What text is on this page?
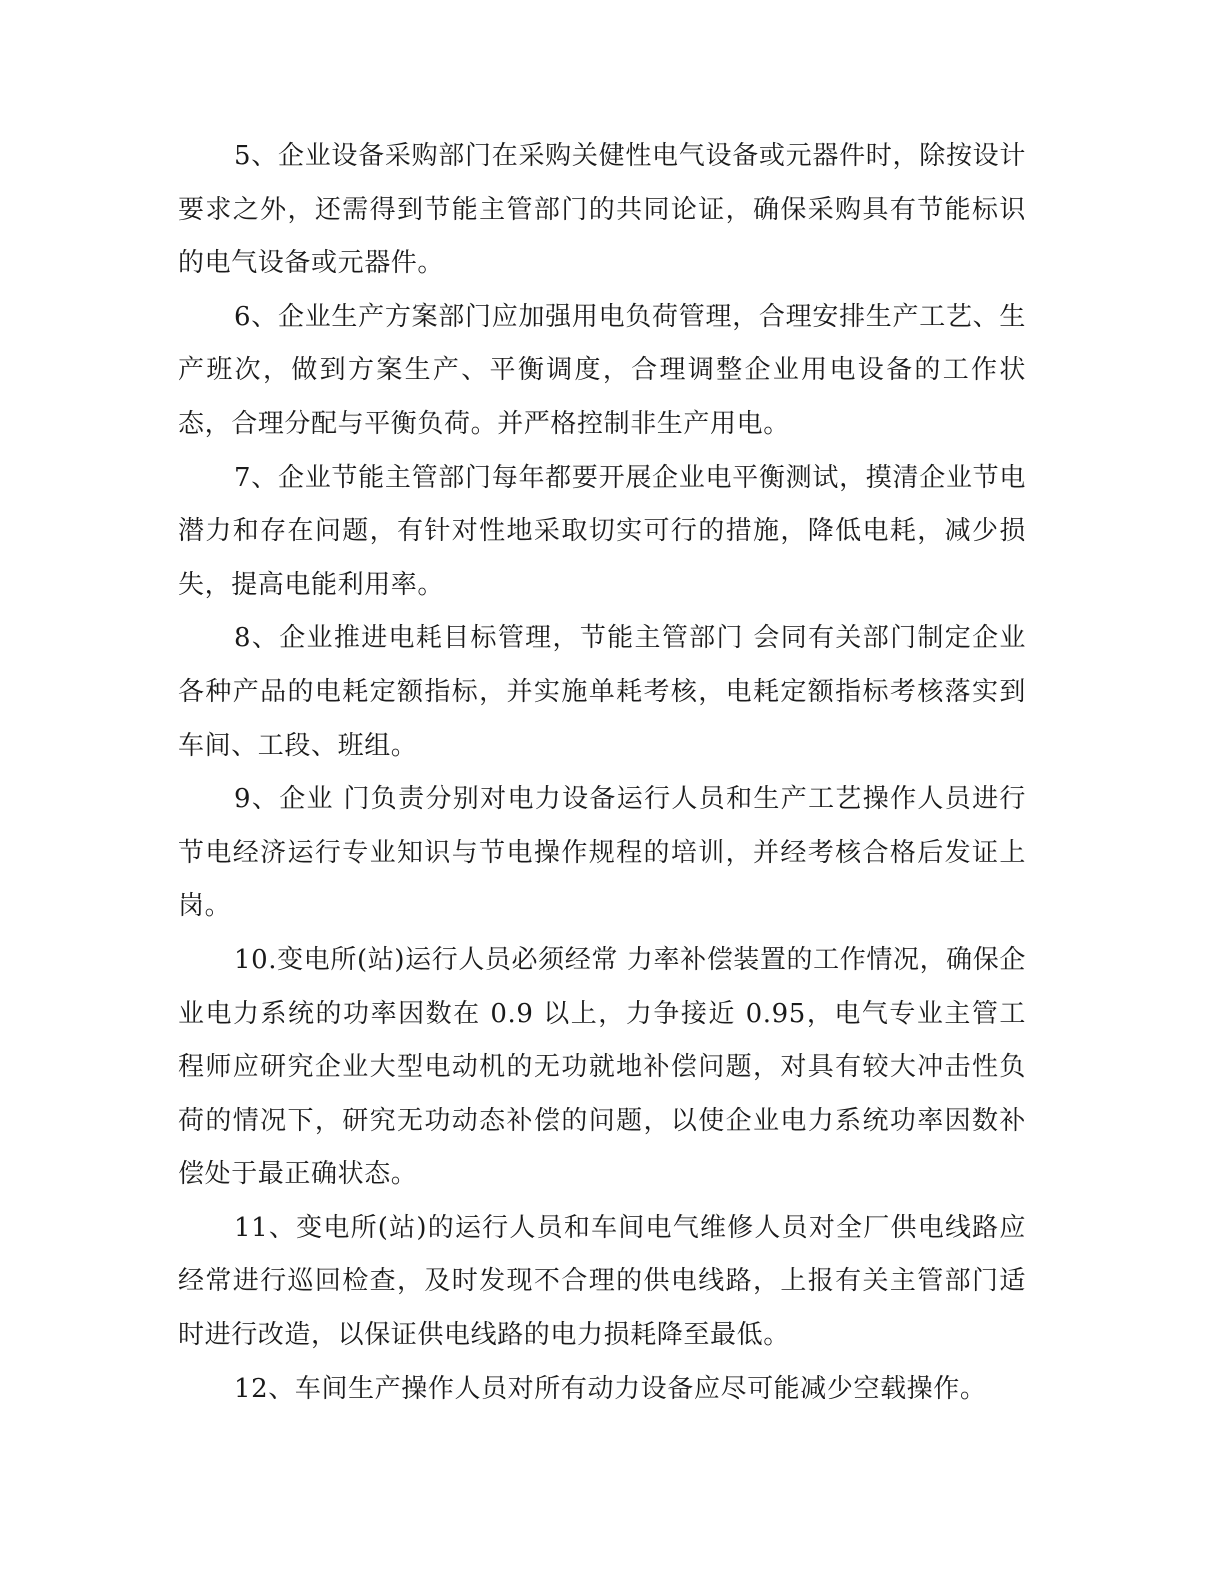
5、企业设备采购部门在采购关健性电气设备或元器件时，除按设计要求之外，还需得到节能主管部门的共同论证，确保采购具有节能标识的电气设备或元器件。

6、企业生产方案部门应加强用电负荷管理，合理安排生产工艺、生产班次，做到方案生产、平衡调度，合理调整企业用电设备的工作状态，合理分配与平衡负荷。并严格控制非生产用电。

7、企业节能主管部门每年都要开展企业电平衡测试，摸清企业节电潜力和存在问题，有针对性地采取切实可行的措施，降低电耗，减少损失，提高电能利用率。

8、企业推进电耗目标管理，节能主管部门 会同有关部门制定企业各种产品的电耗定额指标，并实施单耗考核，电耗定额指标考核落实到车间、工段、班组。

9、企业 门负责分别对电力设备运行人员和生产工艺操作人员进行节电经济运行专业知识与节电操作规程的培训，并经考核合格后发证上岗。

10.变电所(站)运行人员必须经常 力率补偿装置的工作情况，确保企业电力系统的功率因数在 0.9 以上，力争接近 0.95，电气专业主管工程师应研究企业大型电动机的无功就地补偿问题，对具有较大冲击性负荷的情况下，研究无功动态补偿的问题，以使企业电力系统功率因数补偿处于最正确状态。

11、变电所(站)的运行人员和车间电气维修人员对全厂供电线路应经常进行巡回检查，及时发现不合理的供电线路，上报有关主管部门适时进行改造，以保证供电线路的电力损耗降至最低。

12、车间生产操作人员对所有动力设备应尽可能减少空载操作。
